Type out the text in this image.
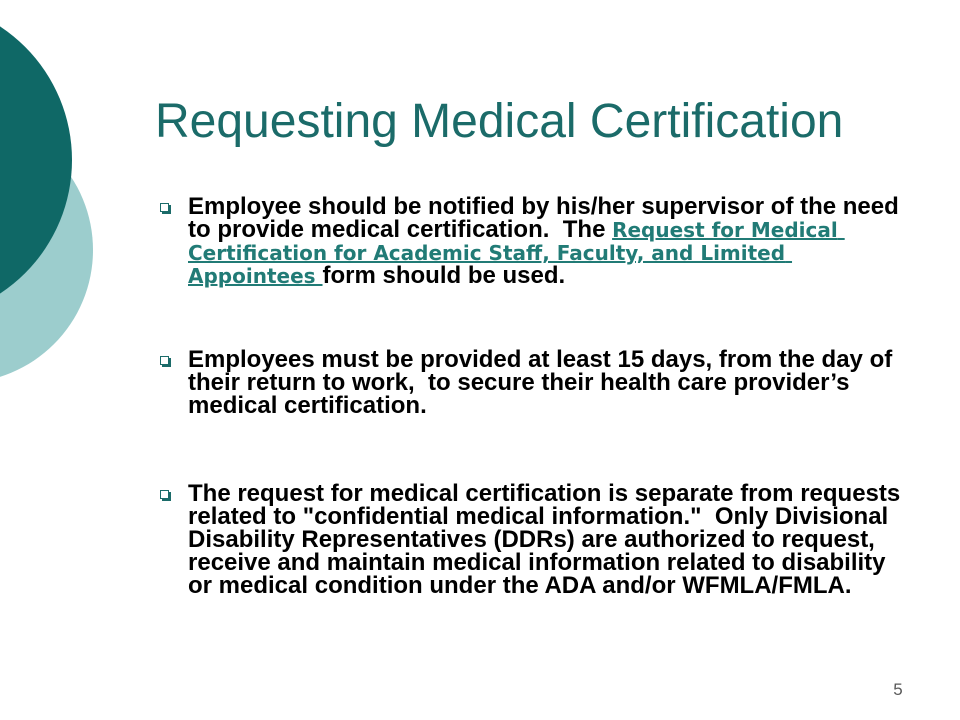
Requesting Medical Certification

Employee should be notified by his/her supervisor of the need to provide medical certification.  The Request for Medical Certification for Academic Staff, Faculty, and Limited Appointees form should be used.

Employees must be provided at least 15 days, from the day of their return to work,  to secure their health care provider’s medical certification.

The request for medical certification is separate from requests related to "confidential medical information."  Only Divisional Disability Representatives (DDRs) are authorized to request, receive and maintain medical information related to disability or medical condition under the ADA and/or WFMLA/FMLA.

5
